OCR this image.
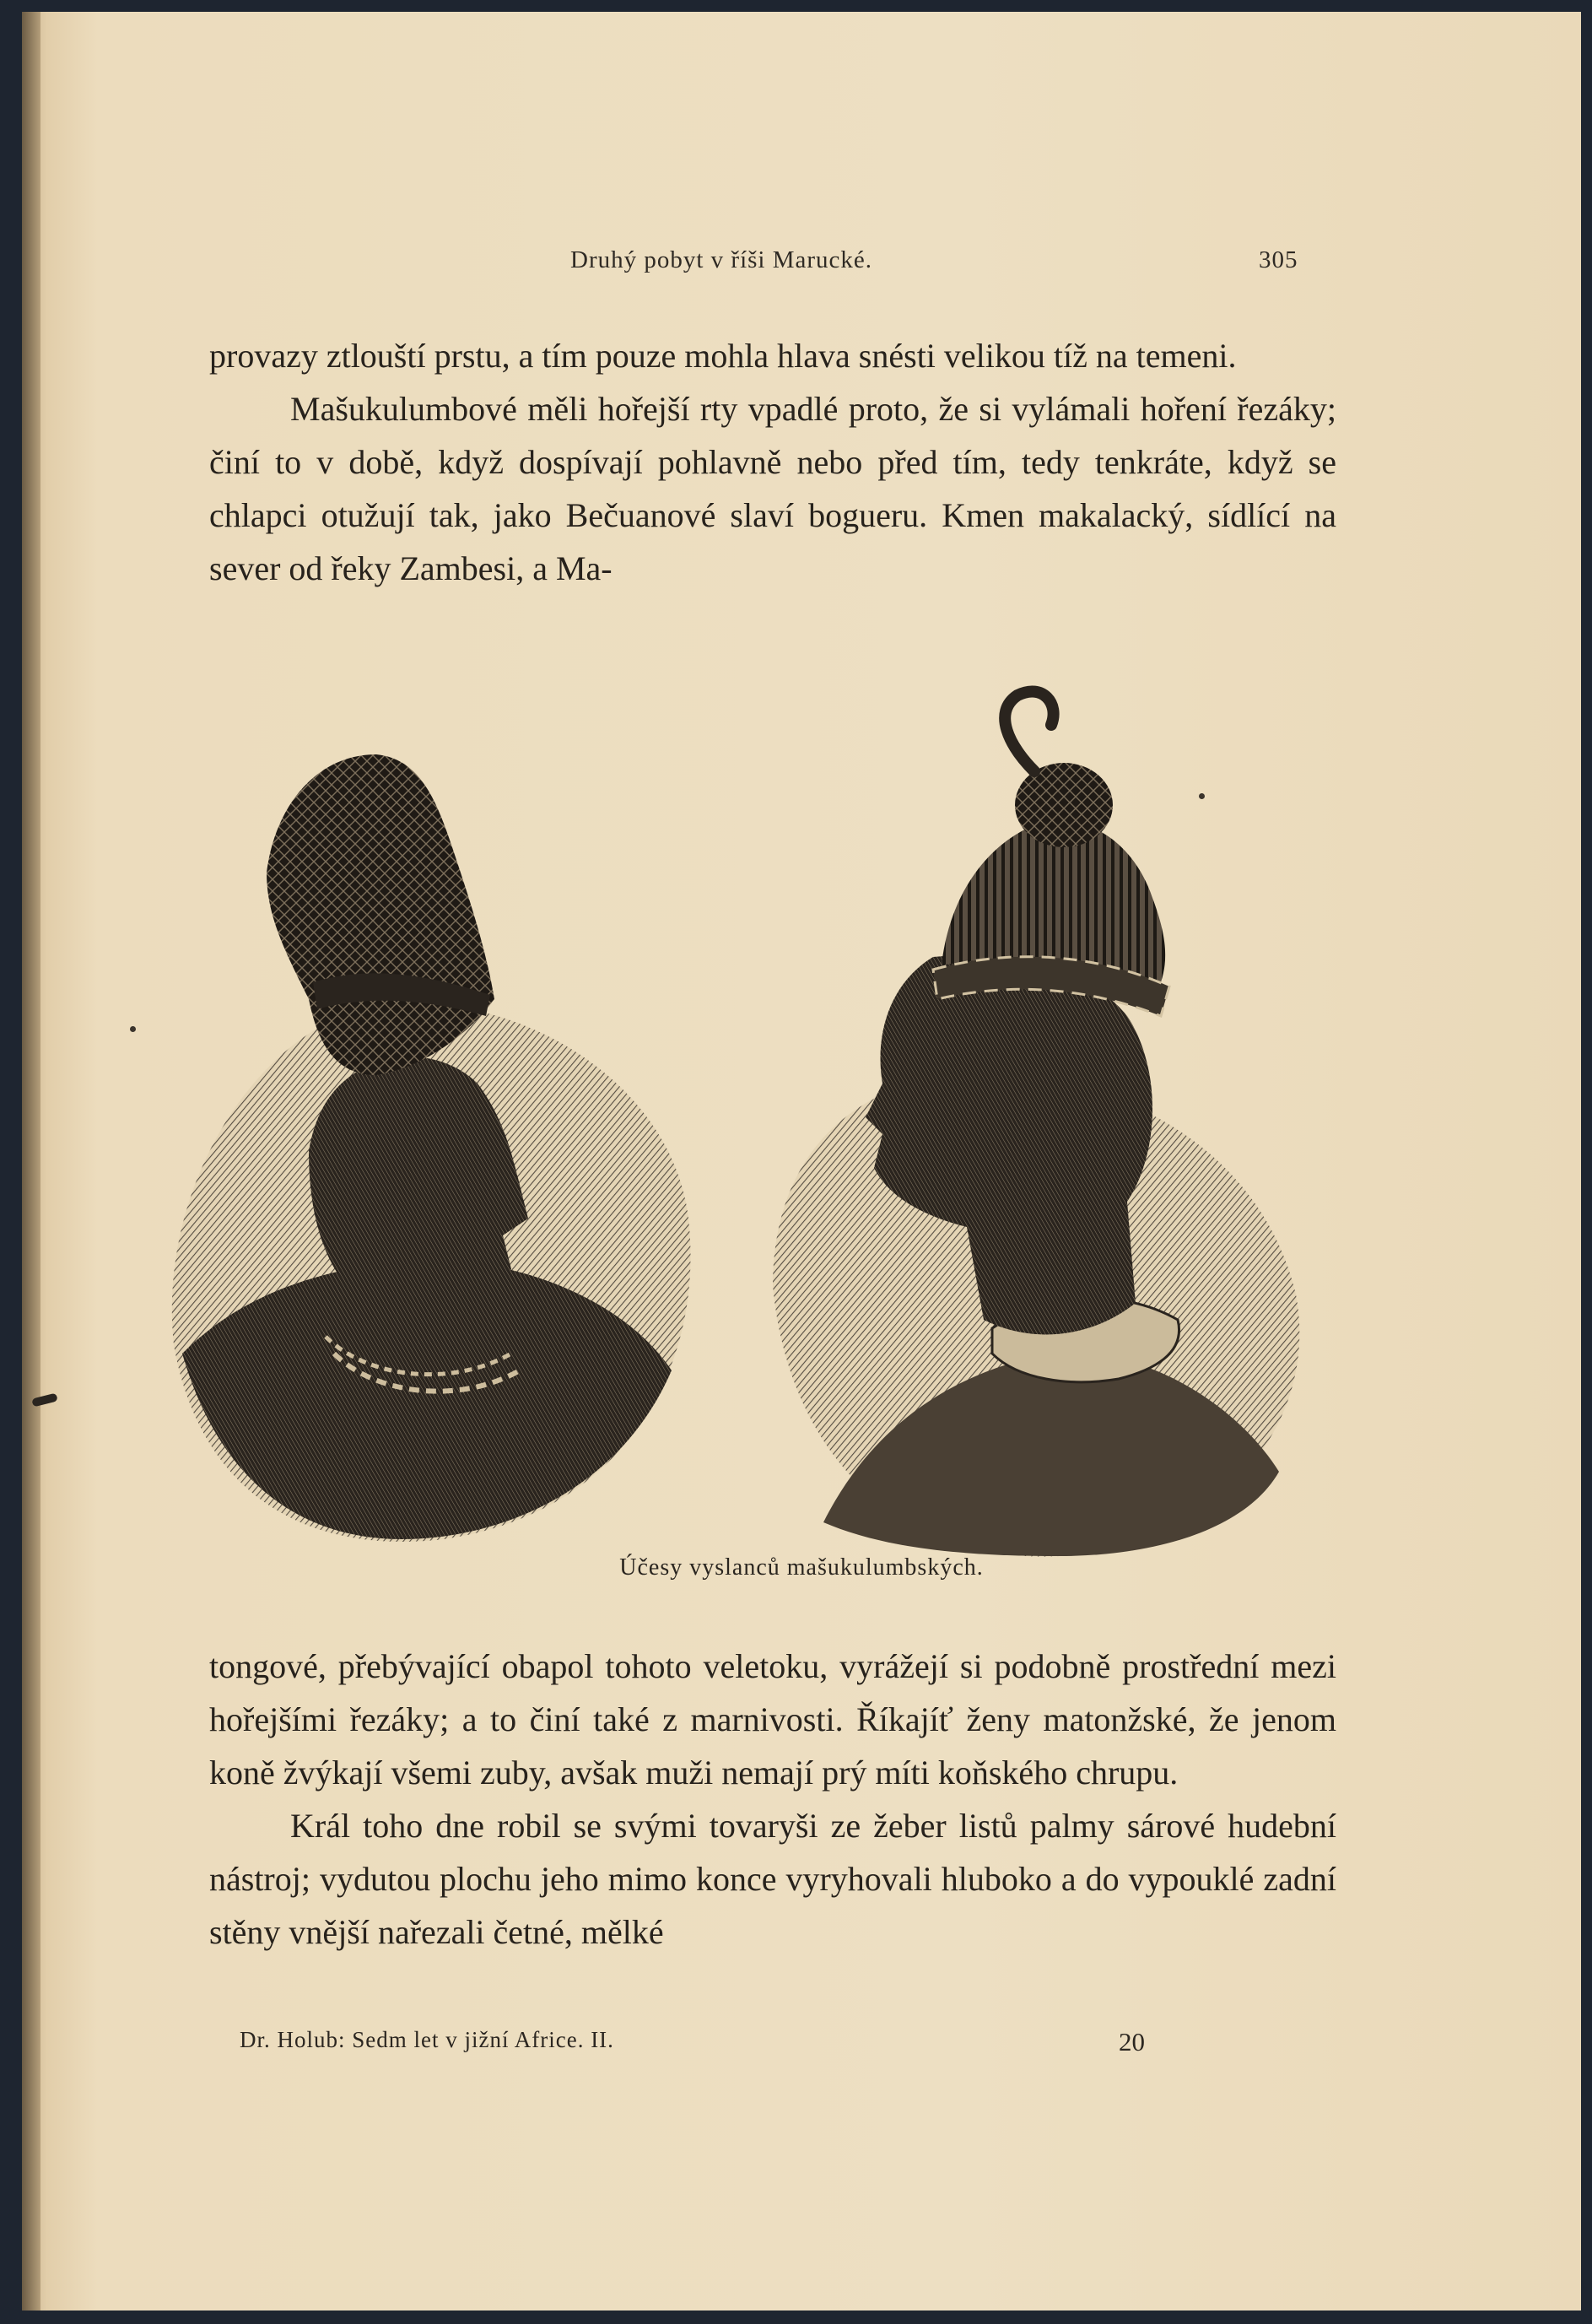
Druhý pobyt v říši Marucké.	305

provazy ztlouští prstu, a tím pouze mohla hlava snésti velikou tíž na temeni.

Mašukulumbové měli hořejší rty vpadlé proto, že si vylámali hoření řezáky; činí to v době, když dospívají pohlavně nebo před tím, tedy tenkráte, když se chlapci otužují tak, jako Bečuanové slaví bogueru. Kmen makalacký, sídlící na sever od řeky Zambesi, a Ma-

Účesy vyslanců mašukulumbských.

tongové, přebývající obapol tohoto veletoku, vyrážejí si podobně prostřední mezi hořejšími řezáky; a to činí také z marnivosti. Říkajíť ženy matonžské, že jenom koně žvýkají všemi zuby, avšak muži nemají prý míti koňského chrupu.

Král toho dne robil se svými tovaryši ze žeber listů palmy sárové hudební nástroj; vydutou plochu jeho mimo konce vyryhovali hluboko a do vypouklé zadní stěny vnější nařezali četné, mělké

Dr. Holub: Sedm let v jižní Africe. II.	20
